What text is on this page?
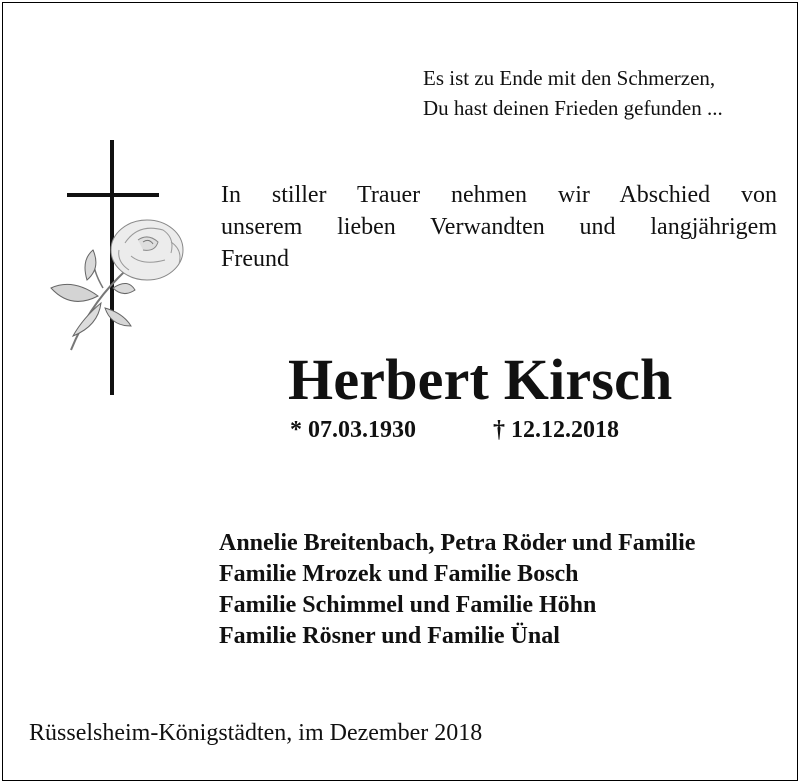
Es ist zu Ende mit den Schmerzen,
Du hast deinen Frieden gefunden ...
In stiller Trauer nehmen wir Abschied von
unserem lieben Verwandten und langjährigem
Freund
Herbert Kirsch
* 07.03.1930	† 12.12.2018
Annelie Breitenbach, Petra Röder und Familie
Familie Mrozek und Familie Bosch
Familie Schimmel und Familie Höhn
Familie Rösner und Familie Ünal
Rüsselsheim-Königstädten, im Dezember 2018
